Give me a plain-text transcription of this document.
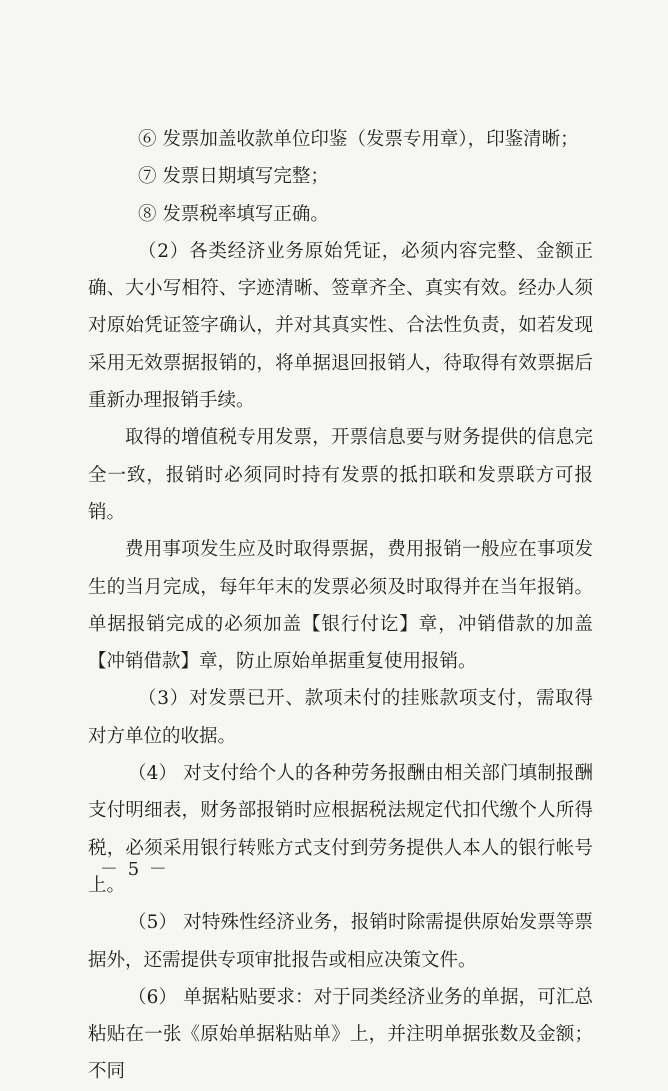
⑥ 发票加盖收款单位印鉴（发票专用章），印鉴清晰；

⑦ 发票日期填写完整；

⑧ 发票税率填写正确。

（2）各类经济业务原始凭证，必须内容完整、金额正确、大小写相符、字迹清晰、签章齐全、真实有效。经办人须对原始凭证签字确认，并对其真实性、合法性负责，如若发现采用无效票据报销的，将单据退回报销人，待取得有效票据后重新办理报销手续。

取得的增值税专用发票，开票信息要与财务提供的信息完全一致，报销时必须同时持有发票的抵扣联和发票联方可报销。

费用事项发生应及时取得票据，费用报销一般应在事项发生的当月完成，每年年末的发票必须及时取得并在当年报销。单据报销完成的必须加盖【银行付讫】章，冲销借款的加盖【冲销借款】章，防止原始单据重复使用报销。

（3）对发票已开、款项未付的挂账款项支付，需取得对方单位的收据。

（4） 对支付给个人的各种劳务报酬由相关部门填制报酬支付明细表，财务部报销时应根据税法规定代扣代缴个人所得税，必须采用银行转账方式支付到劳务提供人本人的银行帐号上。

（5） 对特殊性经济业务，报销时除需提供原始发票等票据外，还需提供专项审批报告或相应决策文件。

（6） 单据粘贴要求：对于同类经济业务的单据，可汇总粘贴在一张《原始单据粘贴单》上，并注明单据张数及金额；不同

－ 5 －
